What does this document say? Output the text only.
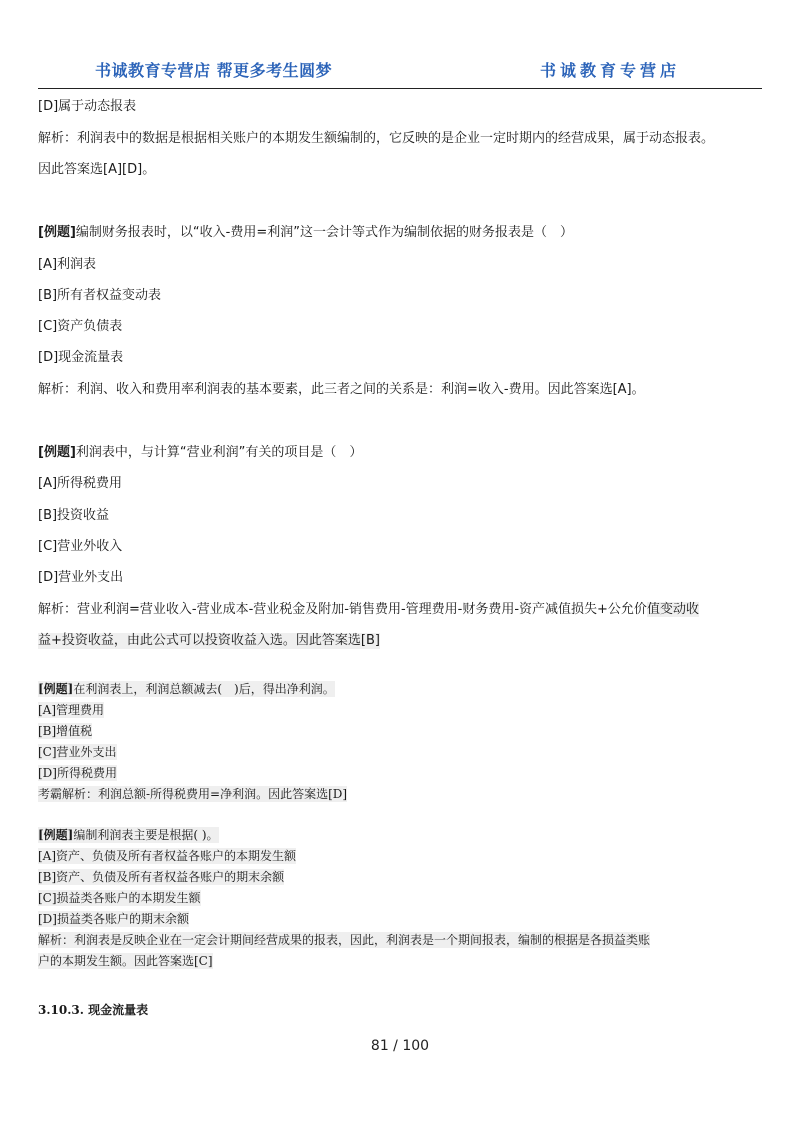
书诚教育专营店 帮更多考生圆梦	书诚教育专营店
[D]属于动态报表
解析：利润表中的数据是根据相关账户的本期发生额编制的，它反映的是企业一定时期内的经营成果，属于动态报表。
因此答案选[A][D]。
[例题]编制财务报表时，以“收入-费用=利润”这一会计等式作为编制依据的财务报表是（　）
[A]利润表
[B]所有者权益变动表
[C]资产负债表
[D]现金流量表
解析：利润、收入和费用率利润表的基本要素，此三者之间的关系是：利润=收入-费用。因此答案选[A]。
[例题]利润表中，与计算“营业利润”有关的项目是（　）
[A]所得税费用
[B]投资收益
[C]营业外收入
[D]营业外支出
解析：营业利润=营业收入-营业成本-营业税金及附加-销售费用-管理费用-财务费用-资产减值损失+公允价值变动收
益+投资收益，由此公式可以投资收益入选。因此答案选[B]
[例题]在利润表上，利润总额减去(　)后，得出净利润。
[A]管理费用
[B]增值税
[C]营业外支出
[D]所得税费用
考霸解析：利润总额-所得税费用=净利润。因此答案选[D]
[例题]编制利润表主要是根据( )。
[A]资产、负债及所有者权益各账户的本期发生额
[B]资产、负债及所有者权益各账户的期末余额
[C]损益类各账户的本期发生额
[D]损益类各账户的期末余额
解析：利润表是反映企业在一定会计期间经营成果的报表，因此，利润表是一个期间报表，编制的根据是各损益类账
户的本期发生额。因此答案选[C]
3.10.3. 现金流量表
81 / 100
